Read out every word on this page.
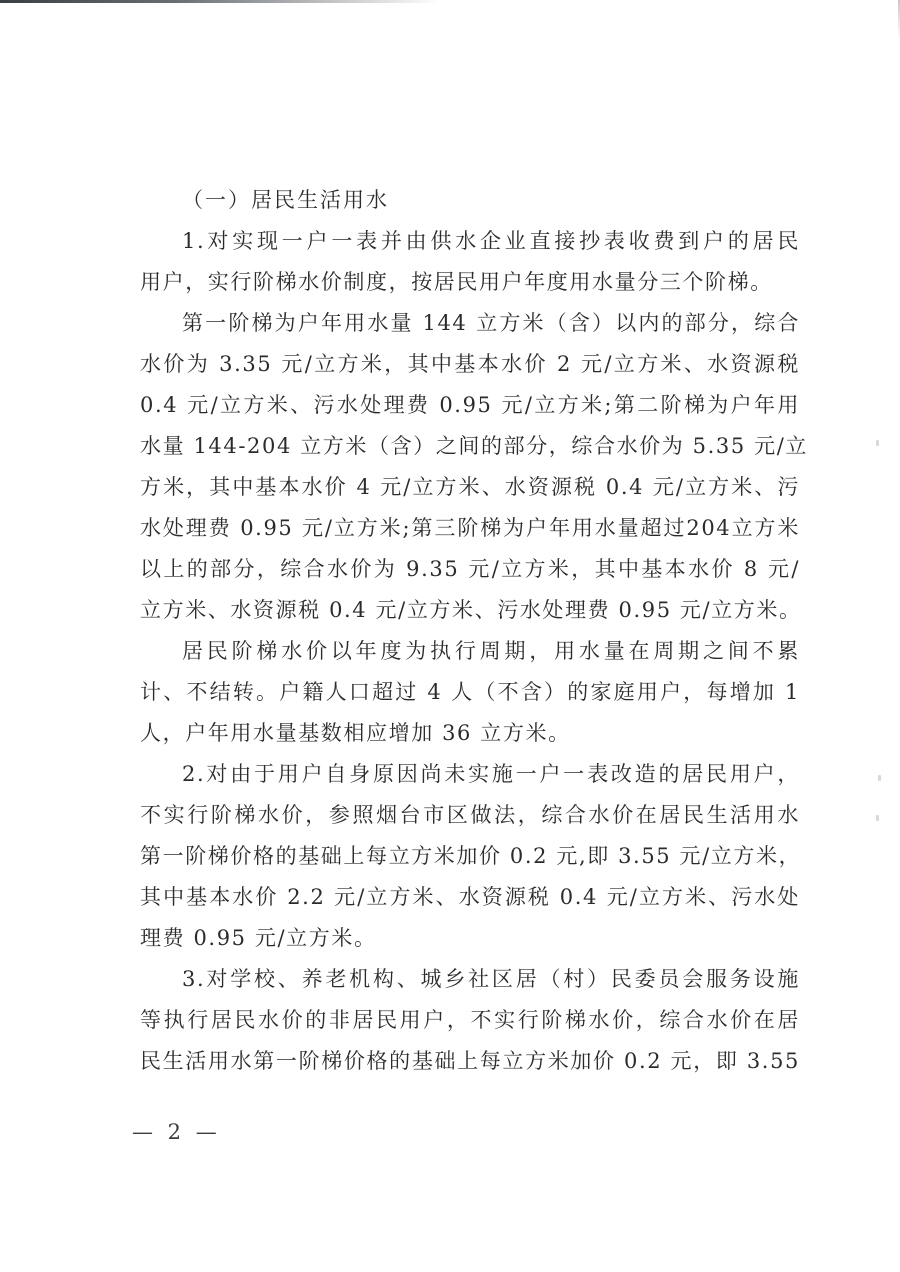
（一）居民生活用水
1.对实现一户一表并由供水企业直接抄表收费到户的居民
用户，实行阶梯水价制度，按居民用户年度用水量分三个阶梯。
第一阶梯为户年用水量 144 立方米（含）以内的部分，综合
水价为 3.35 元/立方米，其中基本水价 2 元/立方米、水资源税
0.4 元/立方米、污水处理费 0.95 元/立方米;第二阶梯为户年用
水量 144-204 立方米（含）之间的部分，综合水价为 5.35 元/立
方米，其中基本水价 4 元/立方米、水资源税 0.4 元/立方米、污
水处理费 0.95 元/立方米;第三阶梯为户年用水量超过204立方米
以上的部分，综合水价为 9.35 元/立方米，其中基本水价 8 元/
立方米、水资源税 0.4 元/立方米、污水处理费 0.95 元/立方米。
居民阶梯水价以年度为执行周期，用水量在周期之间不累
计、不结转。户籍人口超过 4 人（不含）的家庭用户，每增加 1
人，户年用水量基数相应增加 36 立方米。
2.对由于用户自身原因尚未实施一户一表改造的居民用户，
不实行阶梯水价，参照烟台市区做法，综合水价在居民生活用水
第一阶梯价格的基础上每立方米加价 0.2 元,即 3.55 元/立方米，
其中基本水价 2.2 元/立方米、水资源税 0.4 元/立方米、污水处
理费 0.95 元/立方米。
3.对学校、养老机构、城乡社区居（村）民委员会服务设施
等执行居民水价的非居民用户，不实行阶梯水价，综合水价在居
民生活用水第一阶梯价格的基础上每立方米加价 0.2 元，即 3.55
— 2 —
